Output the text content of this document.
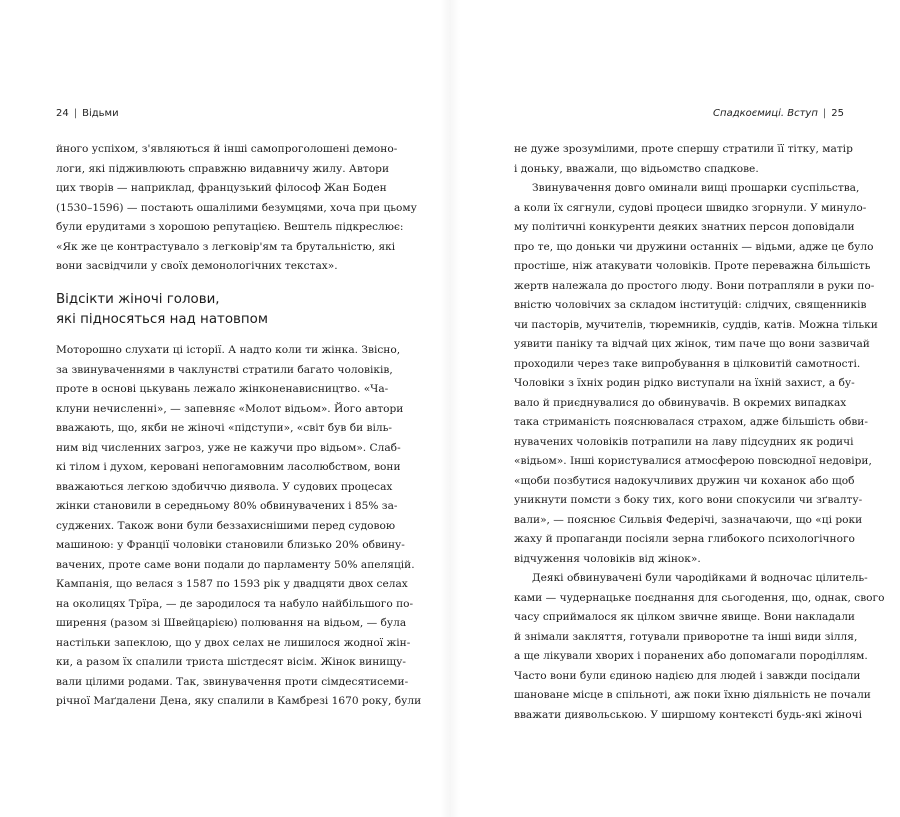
24 | Відьми
йного успіхом, з'являються й інші самопроголошені демоно-
логи, які підживлюють справжню видавничу жилу. Автори
цих творів — наприклад, французький філософ Жан Боден
(1530–1596) — постають ошалілими безумцями, хоча при цьому
були ерудитами з хорошою репутацією. Beштель підкреслює:
«Як же це контрастувало з легковір'ям та брутальністю, які
вони засвідчили у своїх демонологічних текстах».
Відсікти жіночі голови,
які підносяться над натовпом
Моторошно слухати ці історії. А надто коли ти жінка. Звісно,
за звинуваченнями в чаклунстві стратили багато чоловіків,
проте в основі цькувань лежало жінконенависництво. «Ча-
клуни нечисленні», — запевняє «Молот відьом». Його автори
вважають, що, якби не жіночі «підступи», «світ був би віль-
ним від численних загроз, уже не кажучи про відьом». Слаб-
кі тілом і духом, керовані непогамовним ласолюбством, вони
вважаються легкою здобиччю диявола. У судових процесах
жінки становили в середньому 80% обвинувачених і 85% за-
суджених. Також вони були беззахиснішими перед судовою
машиною: у Франції чоловіки становили близько 20% обвину-
вачених, проте саме вони подали до парламенту 50% апеляцій.
Кампанія, що велася з 1587 по 1593 рік у двадцяти двох селах
на околицях Трїра, — де зародилося та набуло найбільшого по-
ширення (разом зі Швейцарією) полювання на відьом, — була
настільки запеклою, що у двох селах не лишилося жодної жін-
ки, а разом їх спалили триста шістдесят вісім. Жінок винищу-
вали цілими родами. Так, звинувачення проти сімдесятисеми-
річної Маґдалени Дена, яку спалили в Камбрезі 1670 року, були
Спадкоємиці. Вступ | 25
не дуже зрозумілими, проте спершу стратили її тітку, матір
і доньку, вважали, що відьомство спадкове.
Звинувачення довго оминали вищі прошарки суспільства,
а коли їх сягнули, судові процеси швидко згорнули. У минуло-
му політичні конкуренти деяких знатних персон доповідали
про те, що доньки чи дружини останніх — відьми, адже це було
простіше, ніж атакувати чоловіків. Проте переважна більшість
жертв належала до простого люду. Вони потрапляли в руки по-
вністю чоловічих за складом інституцій: слідчих, священників
чи пасторів, мучителів, тюремників, суддів, катів. Можна тільки
уявити паніку та відчай цих жінок, тим паче що вони зазвичай
проходили через таке випробування в цілковитій самотності.
Чоловіки з їхніх родин рідко виступали на їхній захист, а бу-
вало й приєднувалися до обвинувачів. В окремих випадках
така стриманість пояснювалася страхом, адже більшість обви-
нувачених чоловіків потрапили на лаву підсудних як родичі
«відьом». Інші користувалися атмосферою повсюдної недовіри,
«щоби позбутися надокучливих дружин чи коханок або щоб
уникнути помсти з боку тих, кого вони спокусили чи зґвалту-
вали», — пояснює Сильвія Федерічі, зазначаючи, що «ці роки
жаху й пропаганди посіяли зерна глибокого психологічного
відчуження чоловіків від жінок».
Деякі обвинувачені були чародійками й водночас цілитель-
ками — чудернацьке поєднання для сьогодення, що, однак, свого
часу сприймалося як цілком звичне явище. Вони накладали
й знімали закляття, готували приворотне та інші види зілля,
а ще лікували хворих і поранених або допомагали породіллям.
Часто вони були єдиною надією для людей і завжди посідали
шановане місце в спільноті, аж поки їхню діяльність не почали
вважати диявольською. У ширшому контексті будь-які жіночі
